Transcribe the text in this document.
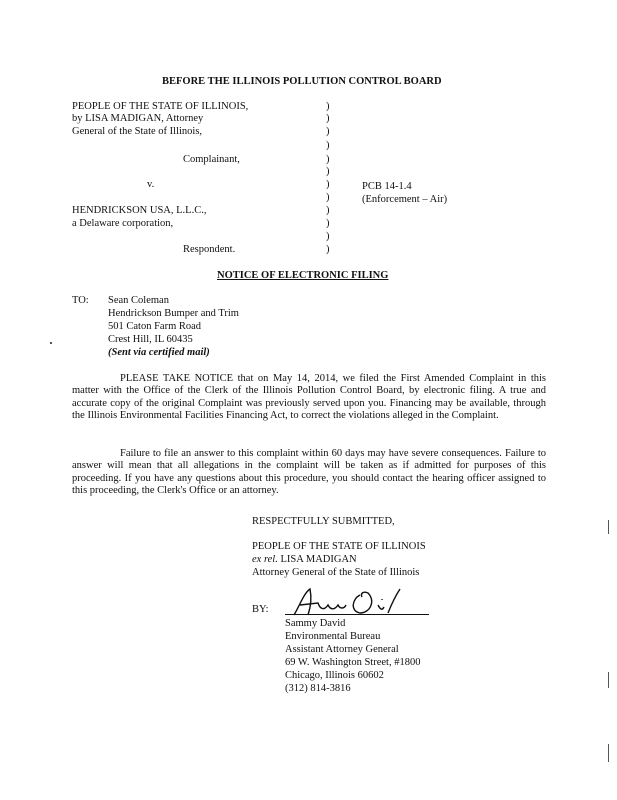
BEFORE THE ILLINOIS POLLUTION CONTROL BOARD
PEOPLE OF THE STATE OF ILLINOIS,
by LISA MADIGAN, Attorney
General of the State of Illinois,
Complainant,
v.
HENDRICKSON USA, L.L.C.,
a Delaware corporation,
Respondent.
)
)
)
)
)
)
)
)
)
)
)
)
PCB 14-1.4
(Enforcement – Air)
NOTICE OF ELECTRONIC FILING
TO: Sean Coleman
Hendrickson Bumper and Trim
501 Caton Farm Road
Crest Hill, IL 60435
(Sent via certified mail)
PLEASE TAKE NOTICE that on May 14, 2014, we filed the First Amended Complaint in this matter with the Office of the Clerk of the Illinois Pollution Control Board, by electronic filing. A true and accurate copy of the original Complaint was previously served upon you. Financing may be available, through the Illinois Environmental Facilities Financing Act, to correct the violations alleged in the Complaint.
Failure to file an answer to this complaint within 60 days may have severe consequences. Failure to answer will mean that all allegations in the complaint will be taken as if admitted for purposes of this proceeding. If you have any questions about this procedure, you should contact the hearing officer assigned to this proceeding, the Clerk's Office or an attorney.
RESPECTFULLY SUBMITTED,
PEOPLE OF THE STATE OF ILLINOIS
ex rel. LISA MADIGAN
Attorney General of the State of Illinois
BY:
Sammy David
Environmental Bureau
Assistant Attorney General
69 W. Washington Street, #1800
Chicago, Illinois 60602
(312) 814-3816
